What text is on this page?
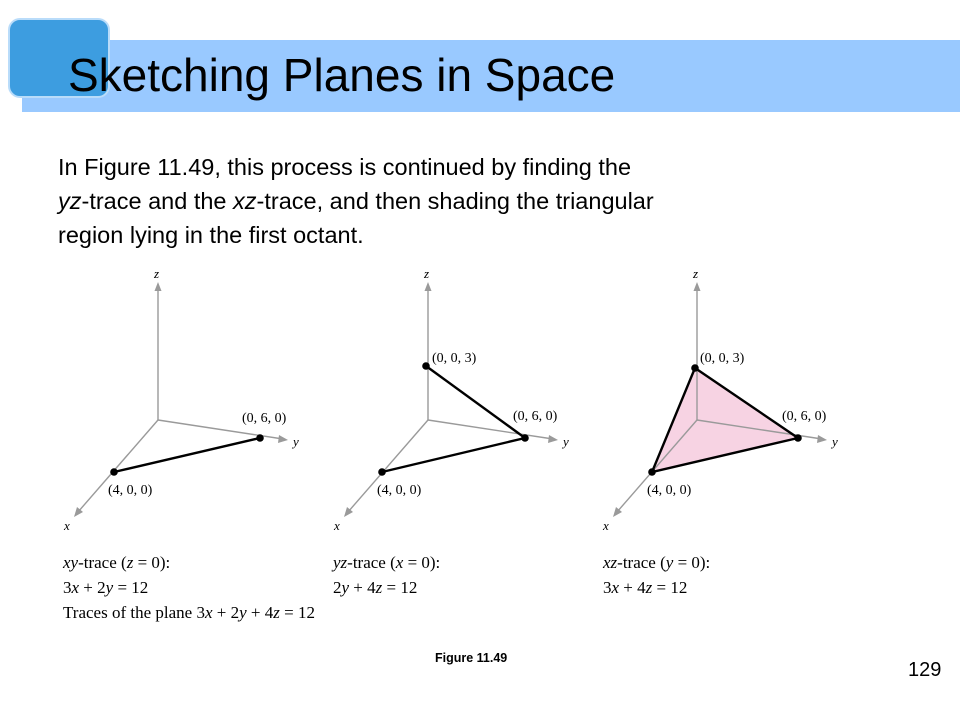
Sketching Planes in Space
In Figure 11.49, this process is continued by finding the
yz-trace and the xz-trace, and then shading the triangular
region lying in the first octant.
z
y
x
(0, 6, 0)
(4, 0, 0)
xy-trace (z = 0):
3x + 2y = 12
z
y
x
(0, 0, 3)
(0, 6, 0)
(4, 0, 0)
yz-trace (x = 0):
2y + 4z = 12
z
y
x
(0, 0, 3)
(0, 6, 0)
(4, 0, 0)
xz-trace (y = 0):
3x + 4z = 12
Traces of the plane 3x + 2y + 4z = 12
Figure 11.49
129
